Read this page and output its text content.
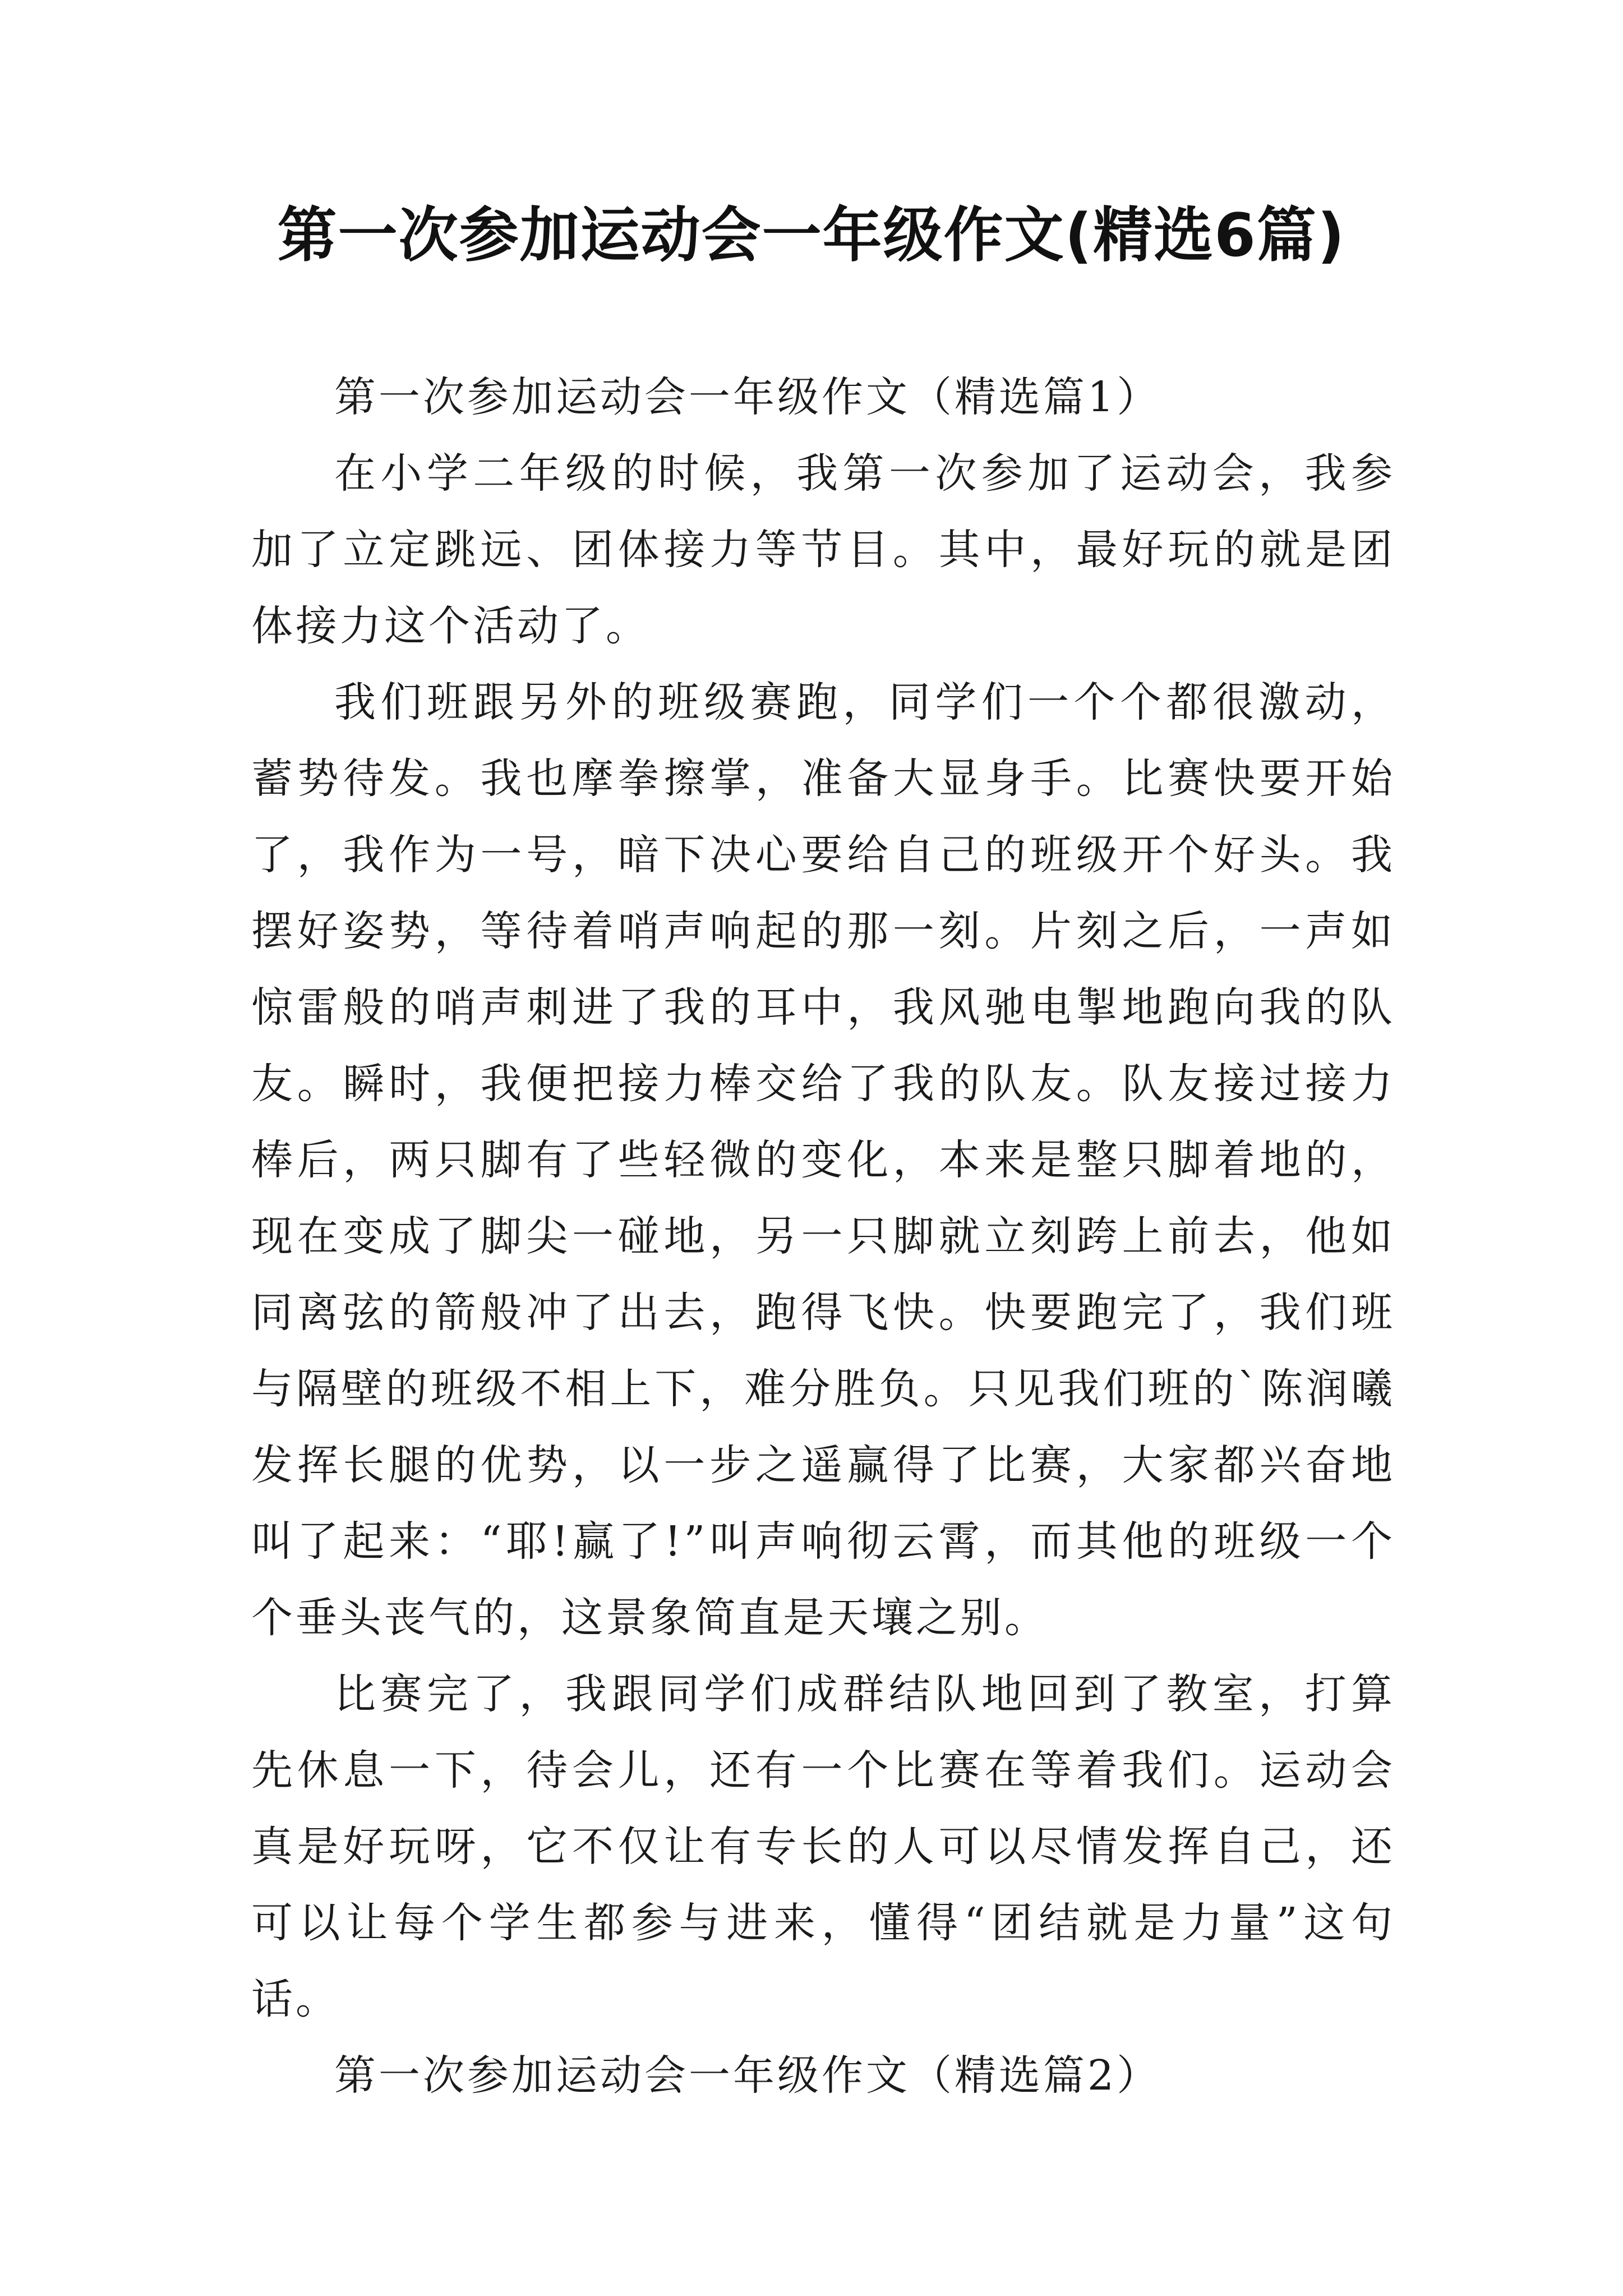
第一次参加运动会一年级作文(精选6篇)

第一次参加运动会一年级作文（精选篇1）

在小学二年级的时候，我第一次参加了运动会，我参加了立定跳远、团体接力等节目。其中，最好玩的就是团体接力这个活动了。

我们班跟另外的班级赛跑，同学们一个个都很激动，蓄势待发。我也摩拳擦掌，准备大显身手。比赛快要开始了，我作为一号，暗下决心要给自己的班级开个好头。我摆好姿势，等待着哨声响起的那一刻。片刻之后，一声如惊雷般的哨声刺进了我的耳中，我风驰电掣地跑向我的队友。瞬时，我便把接力棒交给了我的队友。队友接过接力棒后，两只脚有了些轻微的变化，本来是整只脚着地的，现在变成了脚尖一碰地，另一只脚就立刻跨上前去，他如同离弦的箭般冲了出去，跑得飞快。快要跑完了，我们班与隔壁的班级不相上下，难分胜负。只见我们班的`陈润曦发挥长腿的优势，以一步之遥赢得了比赛，大家都兴奋地叫了起来：“耶!赢了!”叫声响彻云霄，而其他的班级一个个垂头丧气的，这景象简直是天壤之别。

比赛完了，我跟同学们成群结队地回到了教室，打算先休息一下，待会儿，还有一个比赛在等着我们。运动会真是好玩呀，它不仅让有专长的人可以尽情发挥自己，还可以让每个学生都参与进来，懂得“团结就是力量”这句话。

第一次参加运动会一年级作文（精选篇2）
